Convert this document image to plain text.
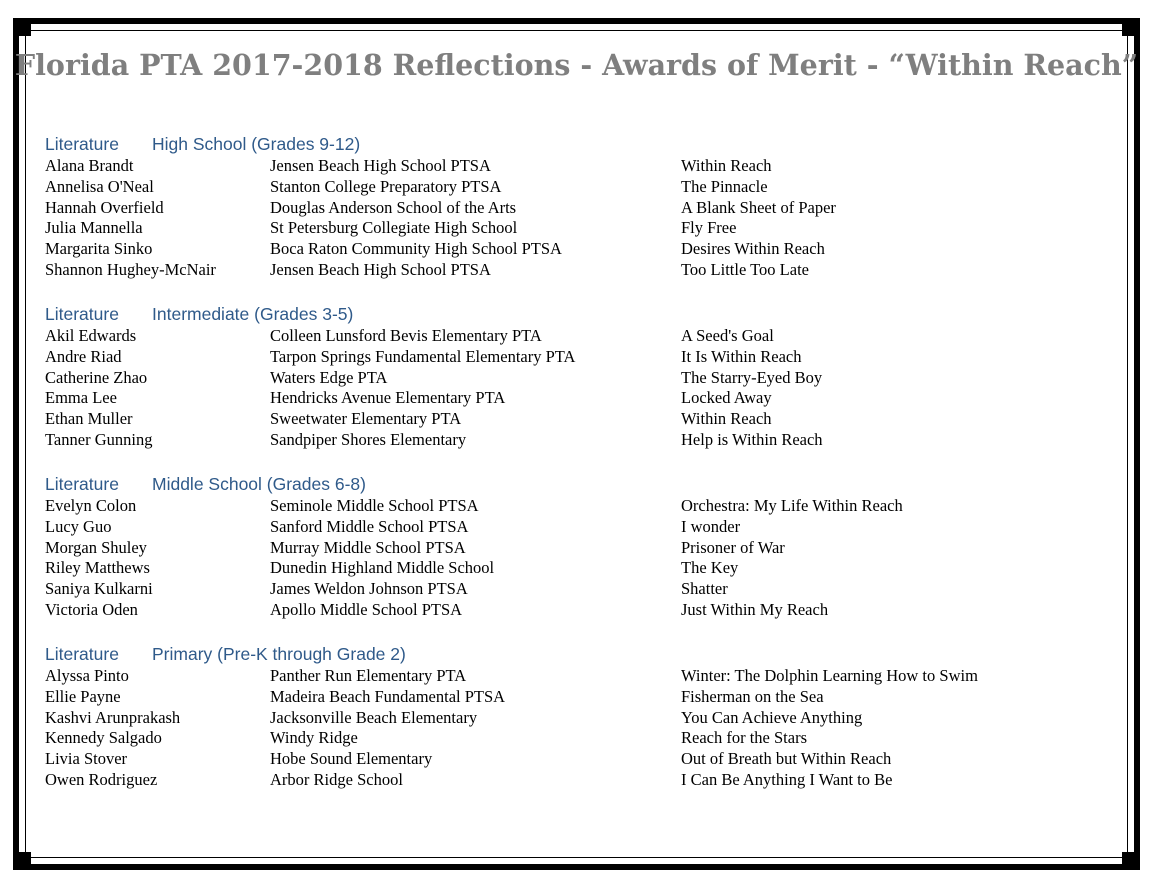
Florida PTA 2017-2018 Reflections - Awards of Merit - “Within Reach”
Literature High School (Grades 9-12)
Alana Brandt	Jensen Beach High School PTSA	Within Reach
Annelisa O'Neal	Stanton College Preparatory PTSA	The Pinnacle
Hannah Overfield	Douglas Anderson School of the Arts	A Blank Sheet of Paper
Julia Mannella	St Petersburg Collegiate High School	Fly Free
Margarita Sinko	Boca Raton Community High School PTSA	Desires Within Reach
Shannon Hughey-McNair	Jensen Beach High School PTSA	Too Little Too Late
Literature Intermediate (Grades 3-5)
Akil Edwards	Colleen Lunsford Bevis Elementary PTA	A Seed's Goal
Andre Riad	Tarpon Springs Fundamental Elementary PTA	It Is Within Reach
Catherine Zhao	Waters Edge PTA	The Starry-Eyed Boy
Emma Lee	Hendricks Avenue Elementary PTA	Locked Away
Ethan Muller	Sweetwater Elementary PTA	Within Reach
Tanner Gunning	Sandpiper Shores Elementary	Help is Within Reach
Literature Middle School (Grades 6-8)
Evelyn Colon	Seminole Middle School PTSA	Orchestra: My Life Within Reach
Lucy Guo	Sanford Middle School PTSA	I wonder
Morgan Shuley	Murray Middle School PTSA	Prisoner of War
Riley Matthews	Dunedin Highland Middle School	The Key
Saniya Kulkarni	James Weldon Johnson PTSA	Shatter
Victoria Oden	Apollo Middle School PTSA	Just Within My Reach
Literature Primary (Pre-K through Grade 2)
Alyssa Pinto	Panther Run Elementary PTA	Winter: The Dolphin Learning How to Swim
Ellie Payne	Madeira Beach Fundamental PTSA	Fisherman on the Sea
Kashvi Arunprakash	Jacksonville Beach Elementary	You Can Achieve Anything
Kennedy Salgado	Windy Ridge	Reach for the Stars
Livia Stover	Hobe Sound Elementary	Out of Breath but Within Reach
Owen Rodriguez	Arbor Ridge School	I Can Be Anything I Want to Be
